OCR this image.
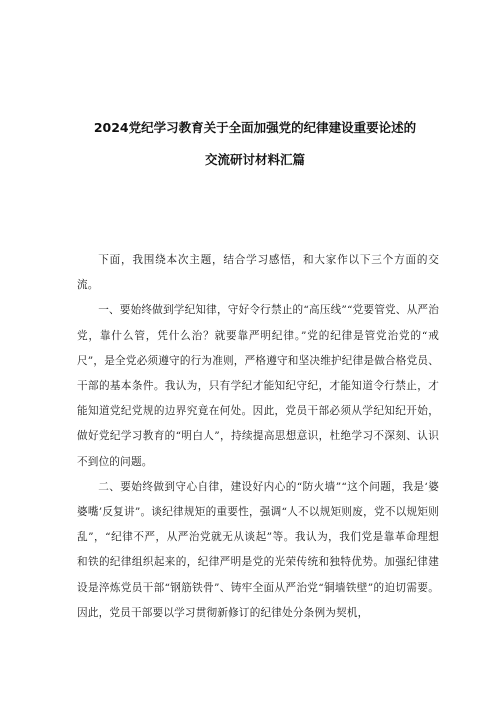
2024党纪学习教育关于全面加强党的纪律建设重要论述的
交流研讨材料汇篇

下面，我围绕本次主题，结合学习感悟，和大家作以下三个方面的交流。

一、要始终做到学纪知律，守好令行禁止的“高压线”“党要管党、从严治党，靠什么管，凭什么治？就要靠严明纪律。”党的纪律是管党治党的“戒尺”，是全党必须遵守的行为准则，严格遵守和坚决维护纪律是做合格党员、干部的基本条件。我认为，只有学纪才能知纪守纪，才能知道令行禁止，才能知道党纪党规的边界究竟在何处。因此，党员干部必须从学纪知纪开始，做好党纪学习教育的“明白人”，持续提高思想意识，杜绝学习不深刻、认识不到位的问题。

二、要始终做到守心自律，建设好内心的“防火墙”“这个问题，我是‘婆婆嘴’反复讲”。谈纪律规矩的重要性，强调“人不以规矩则废，党不以规矩则乱”，“纪律不严，从严治党就无从谈起”等。我认为，我们党是靠革命理想和铁的纪律组织起来的，纪律严明是党的光荣传统和独特优势。加强纪律建设是淬炼党员干部“钢筋铁骨”、铸牢全面从严治党“铜墙铁壁”的迫切需要。因此，党员干部要以学习贯彻新修订的纪律处分条例为契机，
